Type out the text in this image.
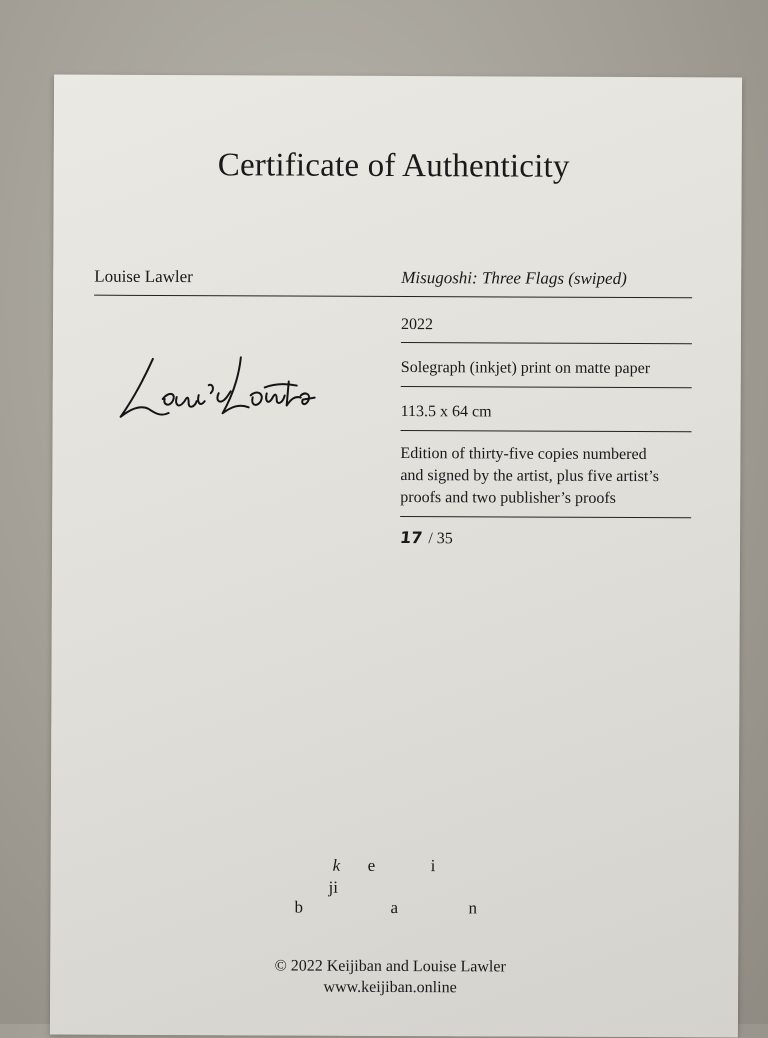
Certificate of Authenticity
Louise Lawler	Misugoshi: Three Flags (swiped)
2022
Solegraph (inkjet) print on matte paper
113.5 x 64 cm
Edition of thirty-five copies numbered
and signed by the artist, plus five artist’s
proofs and two publisher’s proofs
17 / 35
k e	i
ji
b	a	n
© 2022 Keijiban and Louise Lawler
www.keijiban.online
